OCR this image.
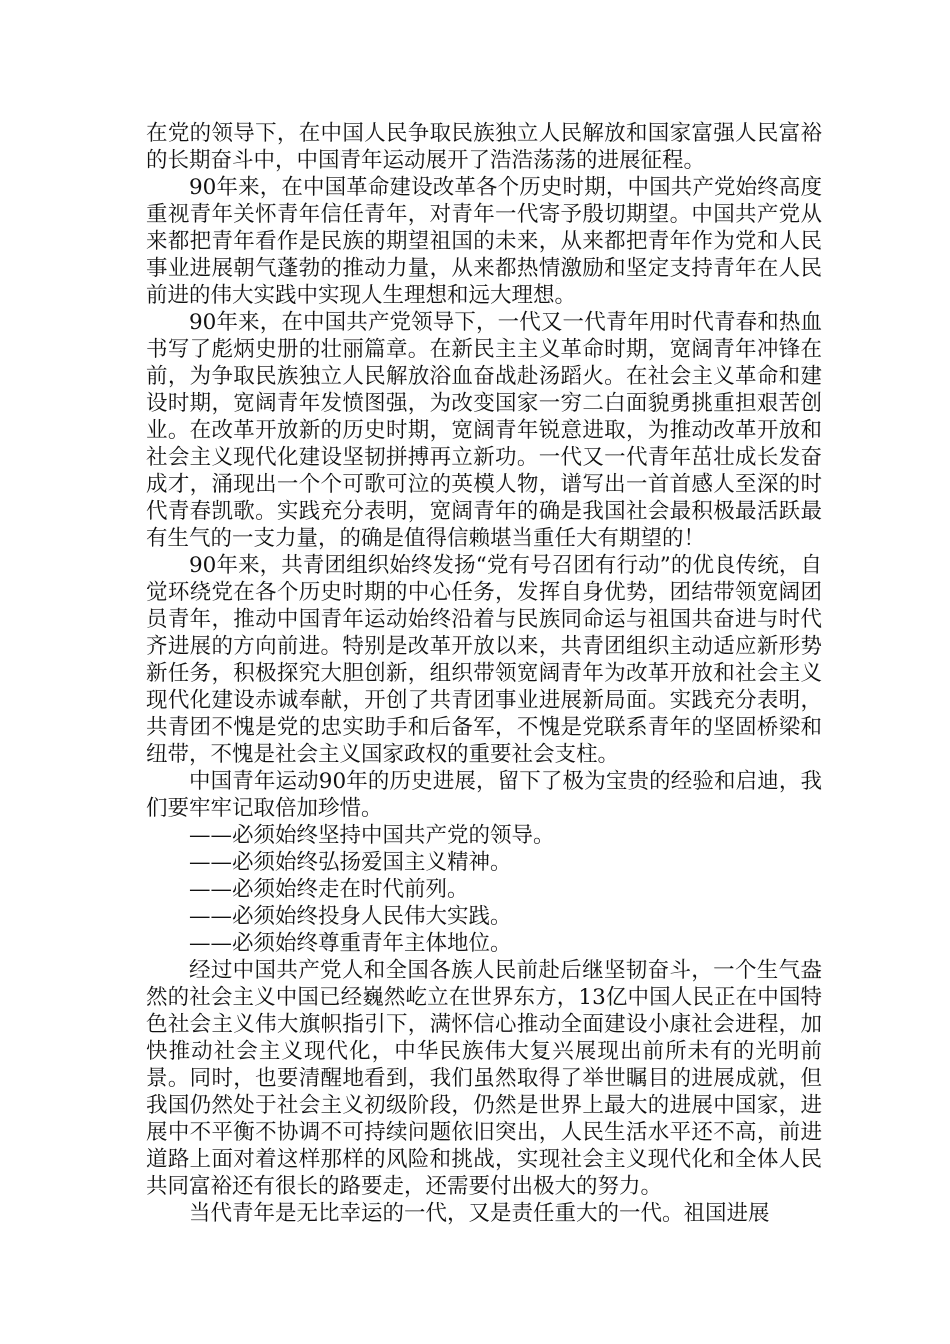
在党的领导下，在中国人民争取民族独立人民解放和国家富强人民富裕的长期奋斗中，中国青年运动展开了浩浩荡荡的进展征程。

90年来，在中国革命建设改革各个历史时期，中国共产党始终高度重视青年关怀青年信任青年，对青年一代寄予殷切期望。中国共产党从来都把青年看作是民族的期望祖国的未来，从来都把青年作为党和人民事业进展朝气蓬勃的推动力量，从来都热情激励和坚定支持青年在人民前进的伟大实践中实现人生理想和远大理想。

90年来，在中国共产党领导下，一代又一代青年用时代青春和热血书写了彪炳史册的壮丽篇章。在新民主主义革命时期，宽阔青年冲锋在前，为争取民族独立人民解放浴血奋战赴汤蹈火。在社会主义革命和建设时期，宽阔青年发愤图强，为改变国家一穷二白面貌勇挑重担艰苦创业。在改革开放新的历史时期，宽阔青年锐意进取，为推动改革开放和社会主义现代化建设坚韧拼搏再立新功。一代又一代青年茁壮成长发奋成才，涌现出一个个可歌可泣的英模人物，谱写出一首首感人至深的时代青春凯歌。实践充分表明，宽阔青年的确是我国社会最积极最活跃最有生气的一支力量，的确是值得信赖堪当重任大有期望的！

90年来，共青团组织始终发扬“党有号召团有行动”的优良传统，自觉环绕党在各个历史时期的中心任务，发挥自身优势，团结带领宽阔团员青年，推动中国青年运动始终沿着与民族同命运与祖国共奋进与时代齐进展的方向前进。特别是改革开放以来，共青团组织主动适应新形势新任务，积极探究大胆创新，组织带领宽阔青年为改革开放和社会主义现代化建设赤诚奉献，开创了共青团事业进展新局面。实践充分表明，共青团不愧是党的忠实助手和后备军，不愧是党联系青年的坚固桥梁和纽带，不愧是社会主义国家政权的重要社会支柱。

中国青年运动90年的历史进展，留下了极为宝贵的经验和启迪，我们要牢牢记取倍加珍惜。

——必须始终坚持中国共产党的领导。

——必须始终弘扬爱国主义精神。

——必须始终走在时代前列。

——必须始终投身人民伟大实践。

——必须始终尊重青年主体地位。

经过中国共产党人和全国各族人民前赴后继坚韧奋斗，一个生气盎然的社会主义中国已经巍然屹立在世界东方，13亿中国人民正在中国特色社会主义伟大旗帜指引下，满怀信心推动全面建设小康社会进程，加快推动社会主义现代化，中华民族伟大复兴展现出前所未有的光明前景。同时，也要清醒地看到，我们虽然取得了举世瞩目的进展成就，但我国仍然处于社会主义初级阶段，仍然是世界上最大的进展中国家，进展中不平衡不协调不可持续问题依旧突出，人民生活水平还不高，前进道路上面对着这样那样的风险和挑战，实现社会主义现代化和全体人民共同富裕还有很长的路要走，还需要付出极大的努力。

当代青年是无比幸运的一代，又是责任重大的一代。祖国进展
